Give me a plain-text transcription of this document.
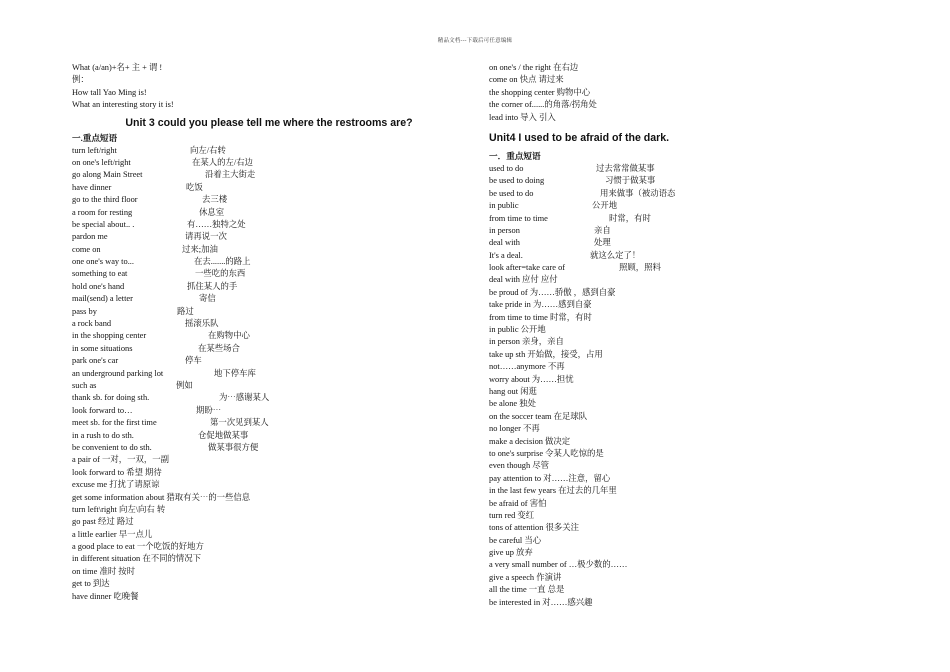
精品文档---下载后可任意编辑
What (a/an)+名+ 主 + 谓 !
例：
How tall Yao Ming is!
What an interesting story it is!
Unit 3 could you please tell me where the restrooms are?
一.重点短语
turn left/right	向左/右转
on one's left/right	在某人的左/右边
go along Main Street	沿着主大街走
have dinner	吃饭
go to the third floor	去三楼
a room for resting	休息室
be special about.. .	有……独特之处
pardon me	请再说一次
come on	过来;加油
one one's way to...	在去.......的路上
something to eat	一些吃的东西
hold one's hand	抓住某人的手
mail(send) a letter	寄信
pass by	路过
a rock band	摇滚乐队
in the shopping center	在购物中心
in some situations	在某些场合
park one's car	停车
an underground parking lot	地下停车库
such as	例如
thank sb. for doing sth.	为⋯感谢某人
look forward to…	期盼⋯
meet sb. for the first time	第一次见到某人
in a rush to do sth.	仓促地做某事
be convenient to do sth.	做某事很方便
a pair of 一对，一双，一副
look forward to 希望 期待
excuse me 打扰了请原谅
get some information about 猎取有关⋯的一些信息
turn left\right 向左\向右 转
go past 经过 路过
a little earlier 早一点儿
a good place to eat 一个吃饭的好地方
in different situation 在不同的情况下
on time 准时 按时
get to 到达
have dinner 吃晚餐
on one's / the right 在右边
come on 快点 请过来
the shopping center 购物中心
the corner of......的角落/拐角处
lead into 导入 引入
Unit4 I used to be afraid of the dark.
一．重点短语
used to do	过去常常做某事
be used to doing	习惯于做某事
be used to do	用来做事（被动语态
in public	公开地
from time to time	时常，有时
in person	亲自
deal with	处理
It's a deal.	就这么定了！
look after=take care of	照顾，照料
deal with 应付 应付
be proud of 为……骄傲 ，感到自豪
take pride in 为……感到自豪
from time to time 时常，有时
in public 公开地
in person 亲身，亲自
take up sth 开始做，接受，占用
not……anymore 不再
worry about 为……担忧
hang out 闲逛
be alone 独处
on the soccer team 在足球队
no longer 不再
make a decision 做决定
to one's surprise 令某人吃惊的是
even though 尽管
pay attention to 对……注意，留心
in the last few years 在过去的几年里
be afraid of 害怕
turn red 变红
tons of attention 很多关注
be careful 当心
give up 放弃
a very small number of …极少数的……
give a speech 作演讲
all the time 一直 总是
be interested in 对……感兴趣
